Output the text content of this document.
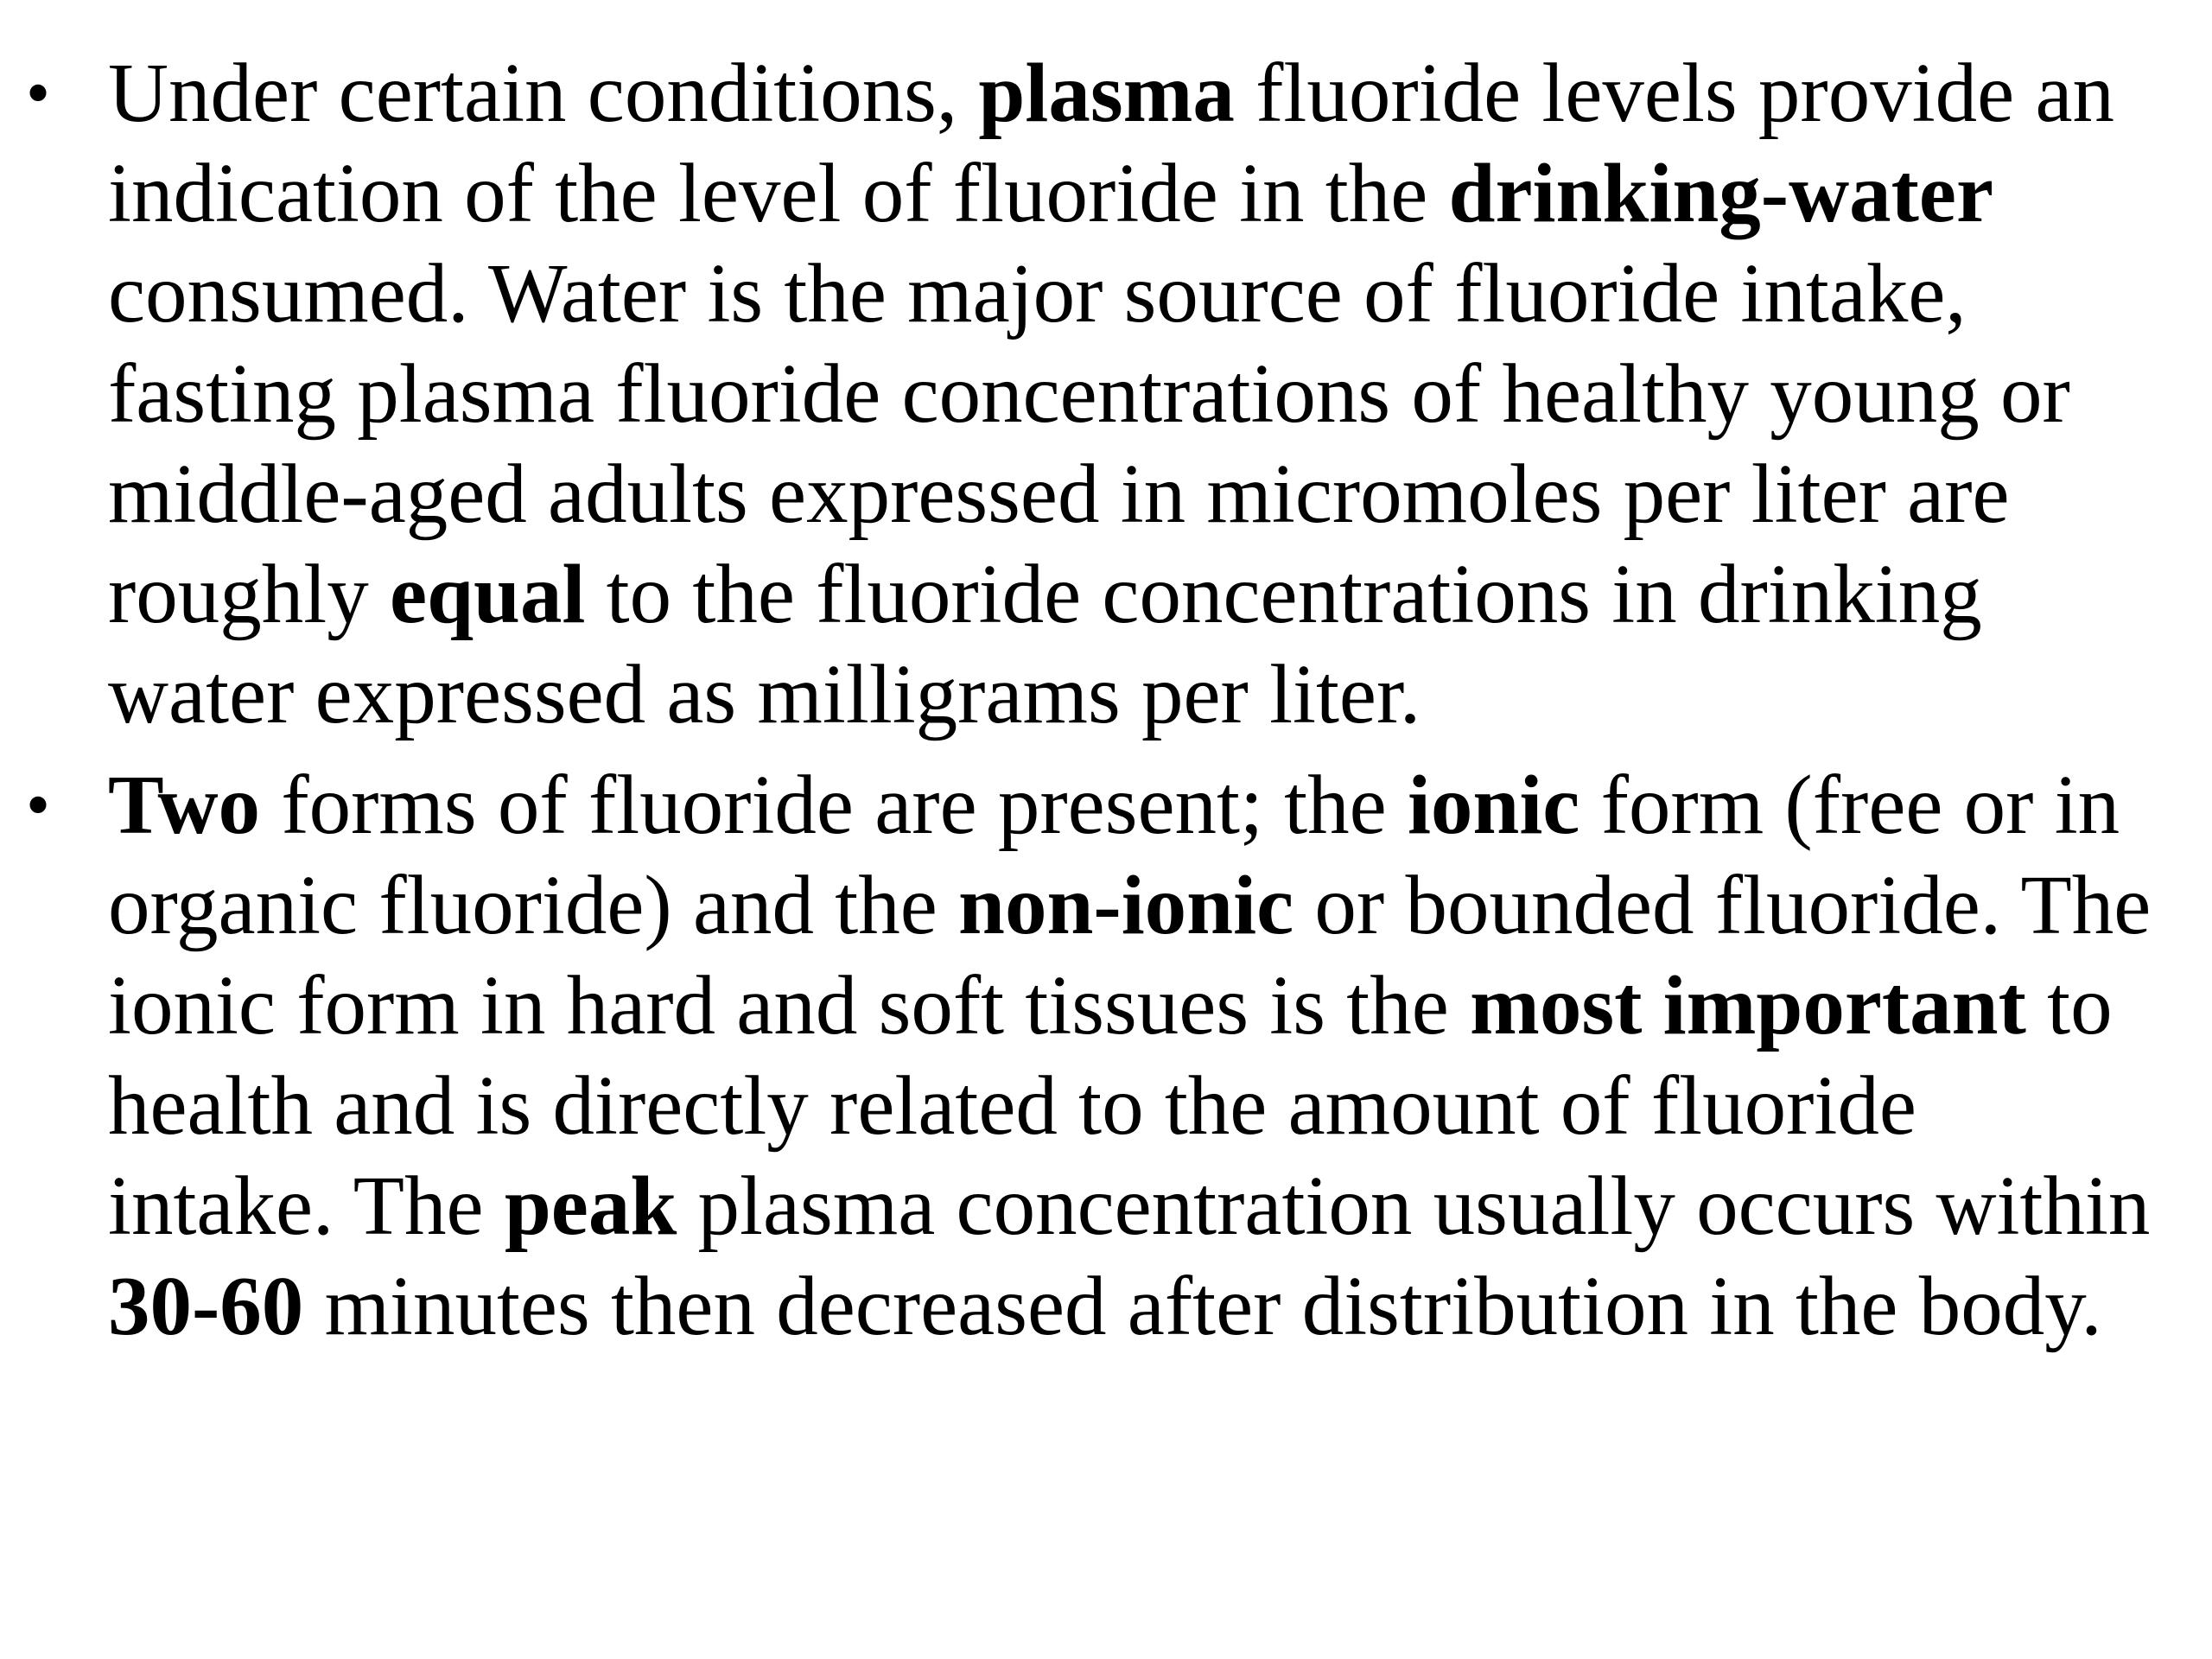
• Under certain conditions, plasma fluoride levels provide an indication of the level of fluoride in the drinking-water consumed. Water is the major source of fluoride intake, fasting plasma fluoride concentrations of healthy young or middle-aged adults expressed in micromoles per liter are roughly equal to the fluoride concentrations in drinking water expressed as milligrams per liter.
• Two forms of fluoride are present; the ionic form (free or in organic fluoride) and the non-ionic or bounded fluoride. The ionic form in hard and soft tissues is the most important to health and is directly related to the amount of fluoride intake. The peak plasma concentration usually occurs within 30-60 minutes then decreased after distribution in the body.
